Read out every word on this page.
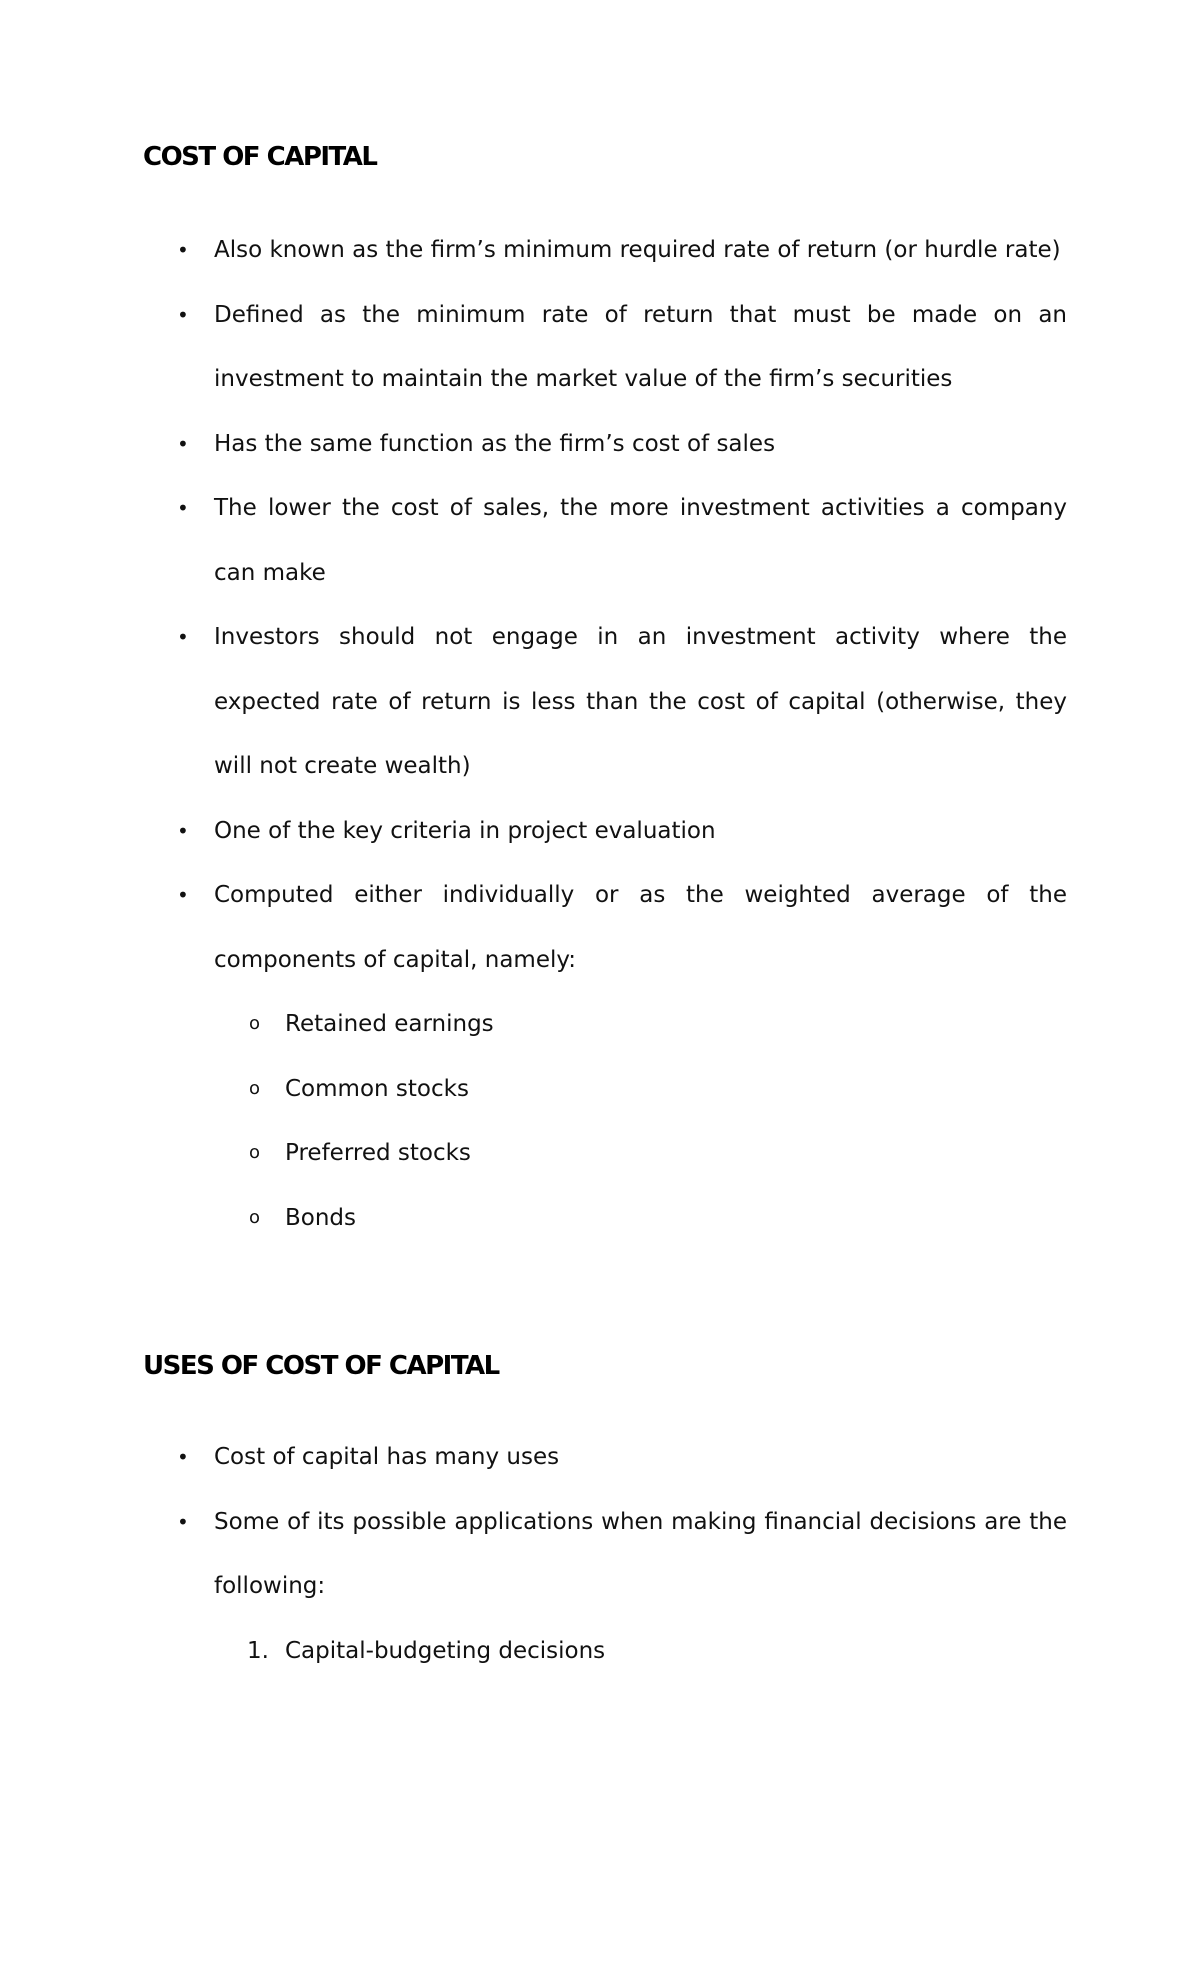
COST OF CAPITAL
• Also known as the firm’s minimum required rate of return (or hurdle rate)
• Defined as the minimum rate of return that must be made on an investment to maintain the market value of the firm’s securities
• Has the same function as the firm’s cost of sales
• The lower the cost of sales, the more investment activities a company can make
• Investors should not engage in an investment activity where the expected rate of return is less than the cost of capital (otherwise, they will not create wealth)
• One of the key criteria in project evaluation
• Computed either individually or as the weighted average of the components of capital, namely:
o Retained earnings
o Common stocks
o Preferred stocks
o Bonds
USES OF COST OF CAPITAL
• Cost of capital has many uses
• Some of its possible applications when making financial decisions are the following:
1. Capital-budgeting decisions
